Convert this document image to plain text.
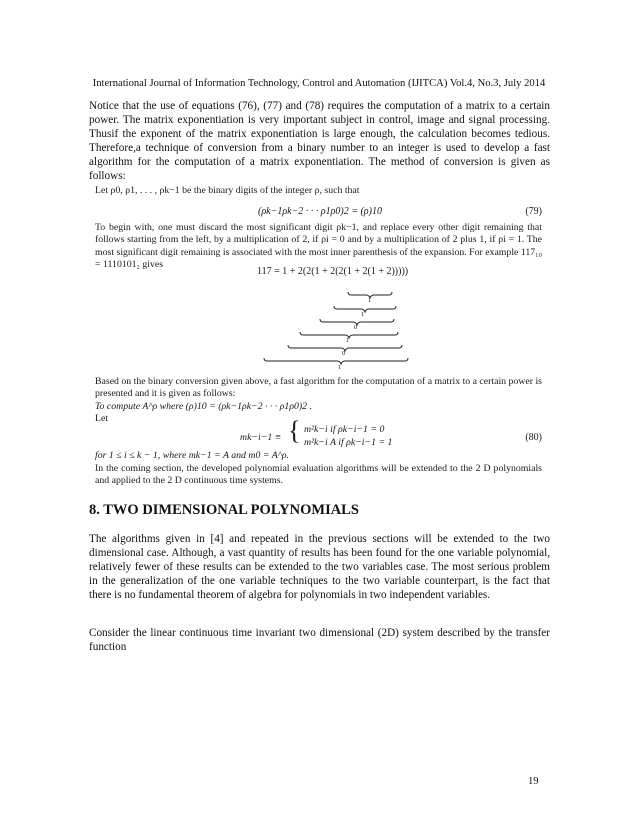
International Journal of Information Technology, Control and Automation (IJITCA) Vol.4, No.3, July 2014

Notice that the use of equations (76), (77) and (78) requires the computation of a matrix to a certain power. The matrix exponentiation is very important subject in control, image and signal processing. Thusif the exponent of the matrix exponentiation is large enough, the calculation becomes tedious. Therefore,a technique of conversion from a binary number to an integer is used to develop a fast algorithm for the computation of a matrix exponentiation. The method of conversion is given as follows:

Let ρ0, ρ1, . . . , ρk−1 be the binary digits of the integer ρ, such that

(ρk−1ρk−2 · · · ρ1ρ0)2 = (ρ)10	(79)

To begin with, one must discard the most significant digit ρk−1, and replace every other digit remaining that follows starting from the left, by a multiplication of 2, if ρi = 0 and by a multiplication of 2 plus 1, if ρi = 1. The most significant digit remaining is associated with the most inner parenthesis of the expansion. For example 117₁₀ = 1110101₂ gives

117 = 1 + 2(2(1 + 2(2(1 + 2(1 + 2)))))
1
1
0
1
0
1

Based on the binary conversion given above, a fast algorithm for the computation of a matrix to a certain power is presented and it is given as follows:

To compute A^ρ where (ρ)10 = (ρk−1ρk−2 · · · ρ1ρ0)2 .

Let

mk−i−1 ≡ { m²k−i if ρk−i−1 = 0
m²k−i A if ρk−i−1 = 1	(80)

for 1 ≤ i ≤ k − 1, where mk−1 = A and m0 = A^ρ.

In the coming section, the developed polynomial evaluation algorithms will be extended to the 2 D polynomials and applied to the 2 D continuous time systems.

8. TWO DIMENSIONAL POLYNOMIALS

The algorithms given in [4] and repeated in the previous sections will be extended to the two dimensional case. Although, a vast quantity of results has been found for the one variable polynomial, relatively fewer of these results can be extended to the two variables case. The most serious problem in the generalization of the one variable techniques to the two variable counterpart, is the fact that there is no fundamental theorem of algebra for polynomials in two independent variables.

Consider the linear continuous time invariant two dimensional (2D) system described by the transfer function

19
